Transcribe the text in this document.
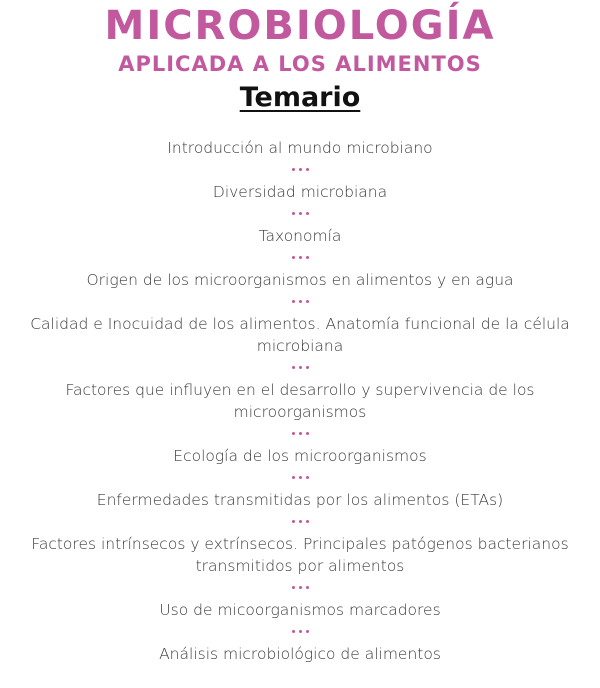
MICROBIOLOGÍA
APLICADA A LOS ALIMENTOS
Temario
Introducción al mundo microbiano
Diversidad microbiana
Taxonomía
Origen de los microorganismos en alimentos y en agua
Calidad e Inocuidad de los alimentos. Anatomía funcional de la célula microbiana
Factores que influyen en el desarrollo y supervivencia de los microorganismos
Ecología de los microorganismos
Enfermedades transmitidas por los alimentos (ETAs)
Factores intrínsecos y extrínsecos. Principales patógenos bacterianos transmitidos por alimentos
Uso de micoorganismos marcadores
Análisis microbiológico de alimentos
